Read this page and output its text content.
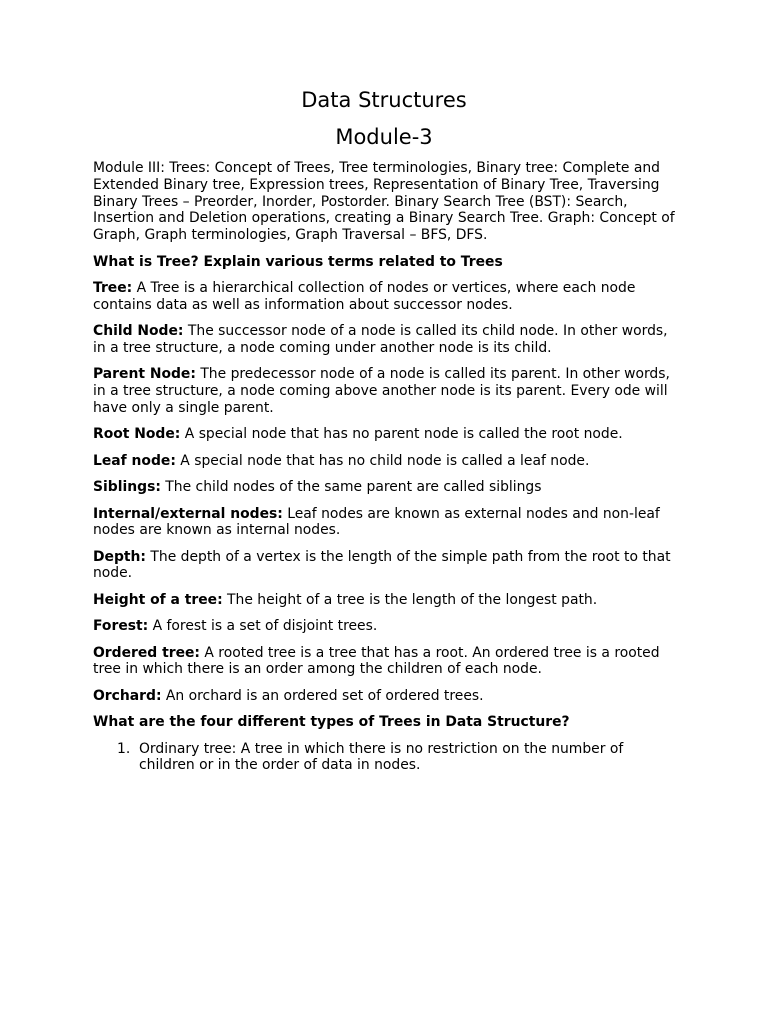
Data Structures
Module-3

Module III: Trees: Concept of Trees, Tree terminologies, Binary tree: Complete and Extended Binary tree, Expression trees, Representation of Binary Tree, Traversing Binary Trees – Preorder, Inorder, Postorder. Binary Search Tree (BST): Search, Insertion and Deletion operations, creating a Binary Search Tree. Graph: Concept of Graph, Graph terminologies, Graph Traversal – BFS, DFS.

What is Tree? Explain various terms related to Trees

Tree: A Tree is a hierarchical collection of nodes or vertices, where each node contains data as well as information about successor nodes.

Child Node: The successor node of a node is called its child node. In other words, in a tree structure, a node coming under another node is its child.

Parent Node: The predecessor node of a node is called its parent. In other words, in a tree structure, a node coming above another node is its parent. Every ode will have only a single parent.

Root Node: A special node that has no parent node is called the root node.

Leaf node: A special node that has no child node is called a leaf node.

Siblings: The child nodes of the same parent are called siblings

Internal/external nodes: Leaf nodes are known as external nodes and non-leaf nodes are known as internal nodes.

Depth: The depth of a vertex is the length of the simple path from the root to that node.

Height of a tree: The height of a tree is the length of the longest path.

Forest: A forest is a set of disjoint trees.

Ordered tree: A rooted tree is a tree that has a root. An ordered tree is a rooted tree in which there is an order among the children of each node.

Orchard: An orchard is an ordered set of ordered trees.

What are the four different types of Trees in Data Structure?

1. Ordinary tree: A tree in which there is no restriction on the number of children or in the order of data in nodes.
